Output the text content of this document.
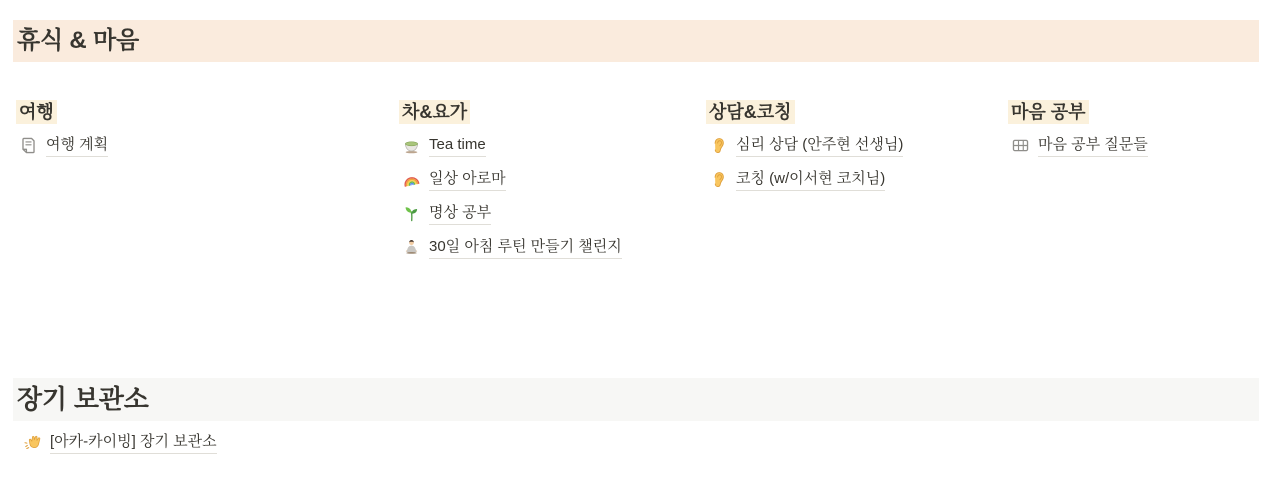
휴식 & 마음
여행
여행 계획
차&요가
Tea time
일상 아로마
명상 공부
30일 아침 루틴 만들기 챌린지
상담&코칭
심리 상담 (안주현 선생님)
코칭 (w/이서현 코치님)
마음 공부
마음 공부 질문들
장기 보관소
[아카-카이빙] 장기 보관소
